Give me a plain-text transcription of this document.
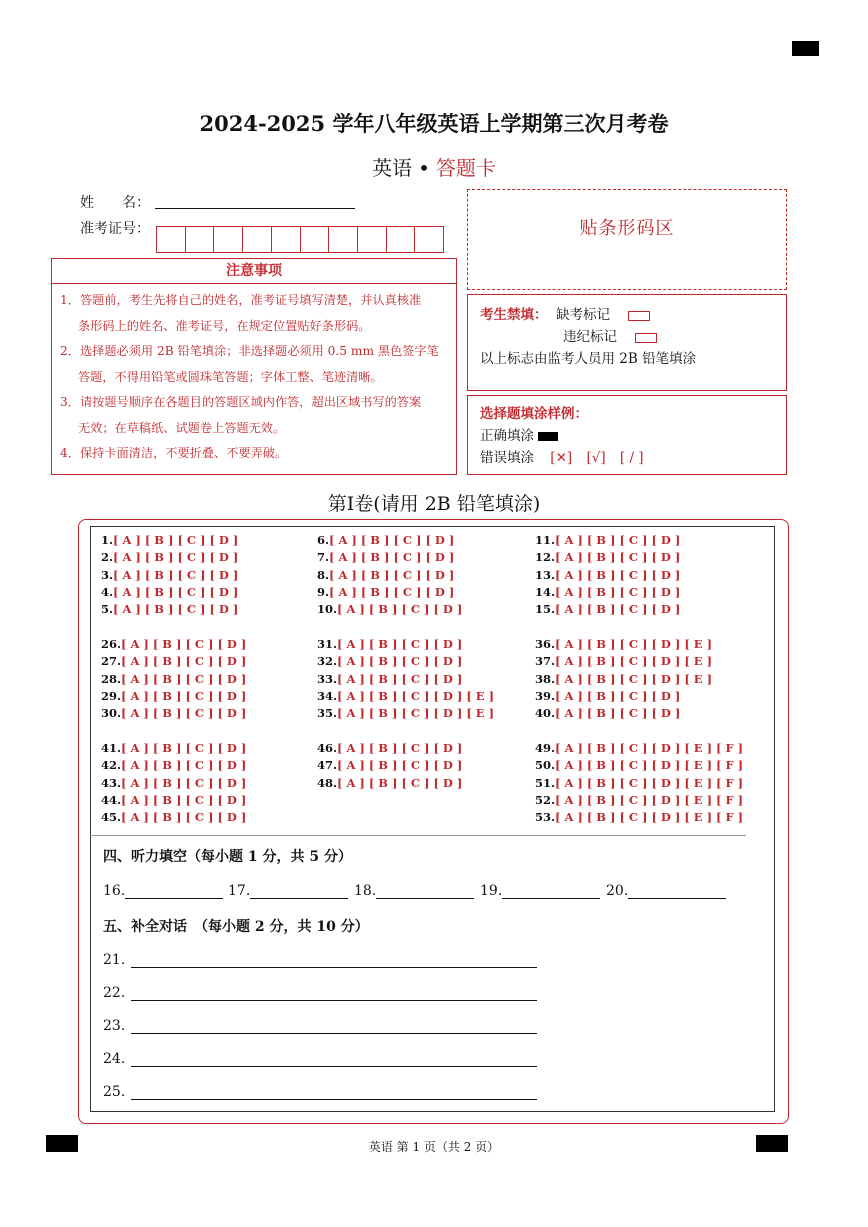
2024-2025 学年八年级英语上学期第三次月考卷
英语 • 答题卡
姓　　名：
准考证号：
注意事项

1．答题前，考生先将自己的姓名，准考证号填写清楚，并认真核准

条形码上的姓名、准考证号，在规定位置贴好条形码。

2．选择题必须用 2B 铅笔填涂；非选择题必须用 0.5 mm 黑色签字笔

答题，不得用铅笔或圆珠笔答题；字体工整、笔迹清晰。

3．请按题号顺序在各题目的答题区域内作答，超出区域书写的答案

无效；在草稿纸、试题卷上答题无效。

4．保持卡面清洁，不要折叠、不要弄破。

贴条形码区
考生禁填： 缺考标记
违纪标记
以上标志由监考人员用 2B 铅笔填涂
选择题填涂样例：
正确填涂
错误填涂 [✕] [√] [ / ]
第Ⅰ卷(请用 2B 铅笔填涂)
1.[ A ] [ B ] [ C ] [ D ]
2.[ A ] [ B ] [ C ] [ D ]
3.[ A ] [ B ] [ C ] [ D ]
4.[ A ] [ B ] [ C ] [ D ]
5.[ A ] [ B ] [ C ] [ D ]
6.[ A ] [ B ] [ C ] [ D ]
7.[ A ] [ B ] [ C ] [ D ]
8.[ A ] [ B ] [ C ] [ D ]
9.[ A ] [ B ] [ C ] [ D ]
10.[ A ] [ B ] [ C ] [ D ]
11.[ A ] [ B ] [ C ] [ D ]
12.[ A ] [ B ] [ C ] [ D ]
13.[ A ] [ B ] [ C ] [ D ]
14.[ A ] [ B ] [ C ] [ D ]
15.[ A ] [ B ] [ C ] [ D ]
26.[ A ] [ B ] [ C ] [ D ]
27.[ A ] [ B ] [ C ] [ D ]
28.[ A ] [ B ] [ C ] [ D ]
29.[ A ] [ B ] [ C ] [ D ]
30.[ A ] [ B ] [ C ] [ D ]
31.[ A ] [ B ] [ C ] [ D ]
32.[ A ] [ B ] [ C ] [ D ]
33.[ A ] [ B ] [ C ] [ D ]
34.[ A ] [ B ] [ C ] [ D ] [ E ]
35.[ A ] [ B ] [ C ] [ D ] [ E ]
36.[ A ] [ B ] [ C ] [ D ] [ E ]
37.[ A ] [ B ] [ C ] [ D ] [ E ]
38.[ A ] [ B ] [ C ] [ D ] [ E ]
39.[ A ] [ B ] [ C ] [ D ]
40.[ A ] [ B ] [ C ] [ D ]
41.[ A ] [ B ] [ C ] [ D ]
42.[ A ] [ B ] [ C ] [ D ]
43.[ A ] [ B ] [ C ] [ D ]
44.[ A ] [ B ] [ C ] [ D ]
45.[ A ] [ B ] [ C ] [ D ]
46.[ A ] [ B ] [ C ] [ D ]
47.[ A ] [ B ] [ C ] [ D ]
48.[ A ] [ B ] [ C ] [ D ]
49.[ A ] [ B ] [ C ] [ D ] [ E ] [ F ]
50.[ A ] [ B ] [ C ] [ D ] [ E ] [ F ]
51.[ A ] [ B ] [ C ] [ D ] [ E ] [ F ]
52.[ A ] [ B ] [ C ] [ D ] [ E ] [ F ]
53.[ A ] [ B ] [ C ] [ D ] [ E ] [ F ]
四、听力填空（每小题 1 分，共 5 分）
16.	17.	18.	19.	20.
五、补全对话　（每小题 2 分，共 10 分）
21.
22.
23.
24.
25.
英语 第 1 页（共 2 页）
